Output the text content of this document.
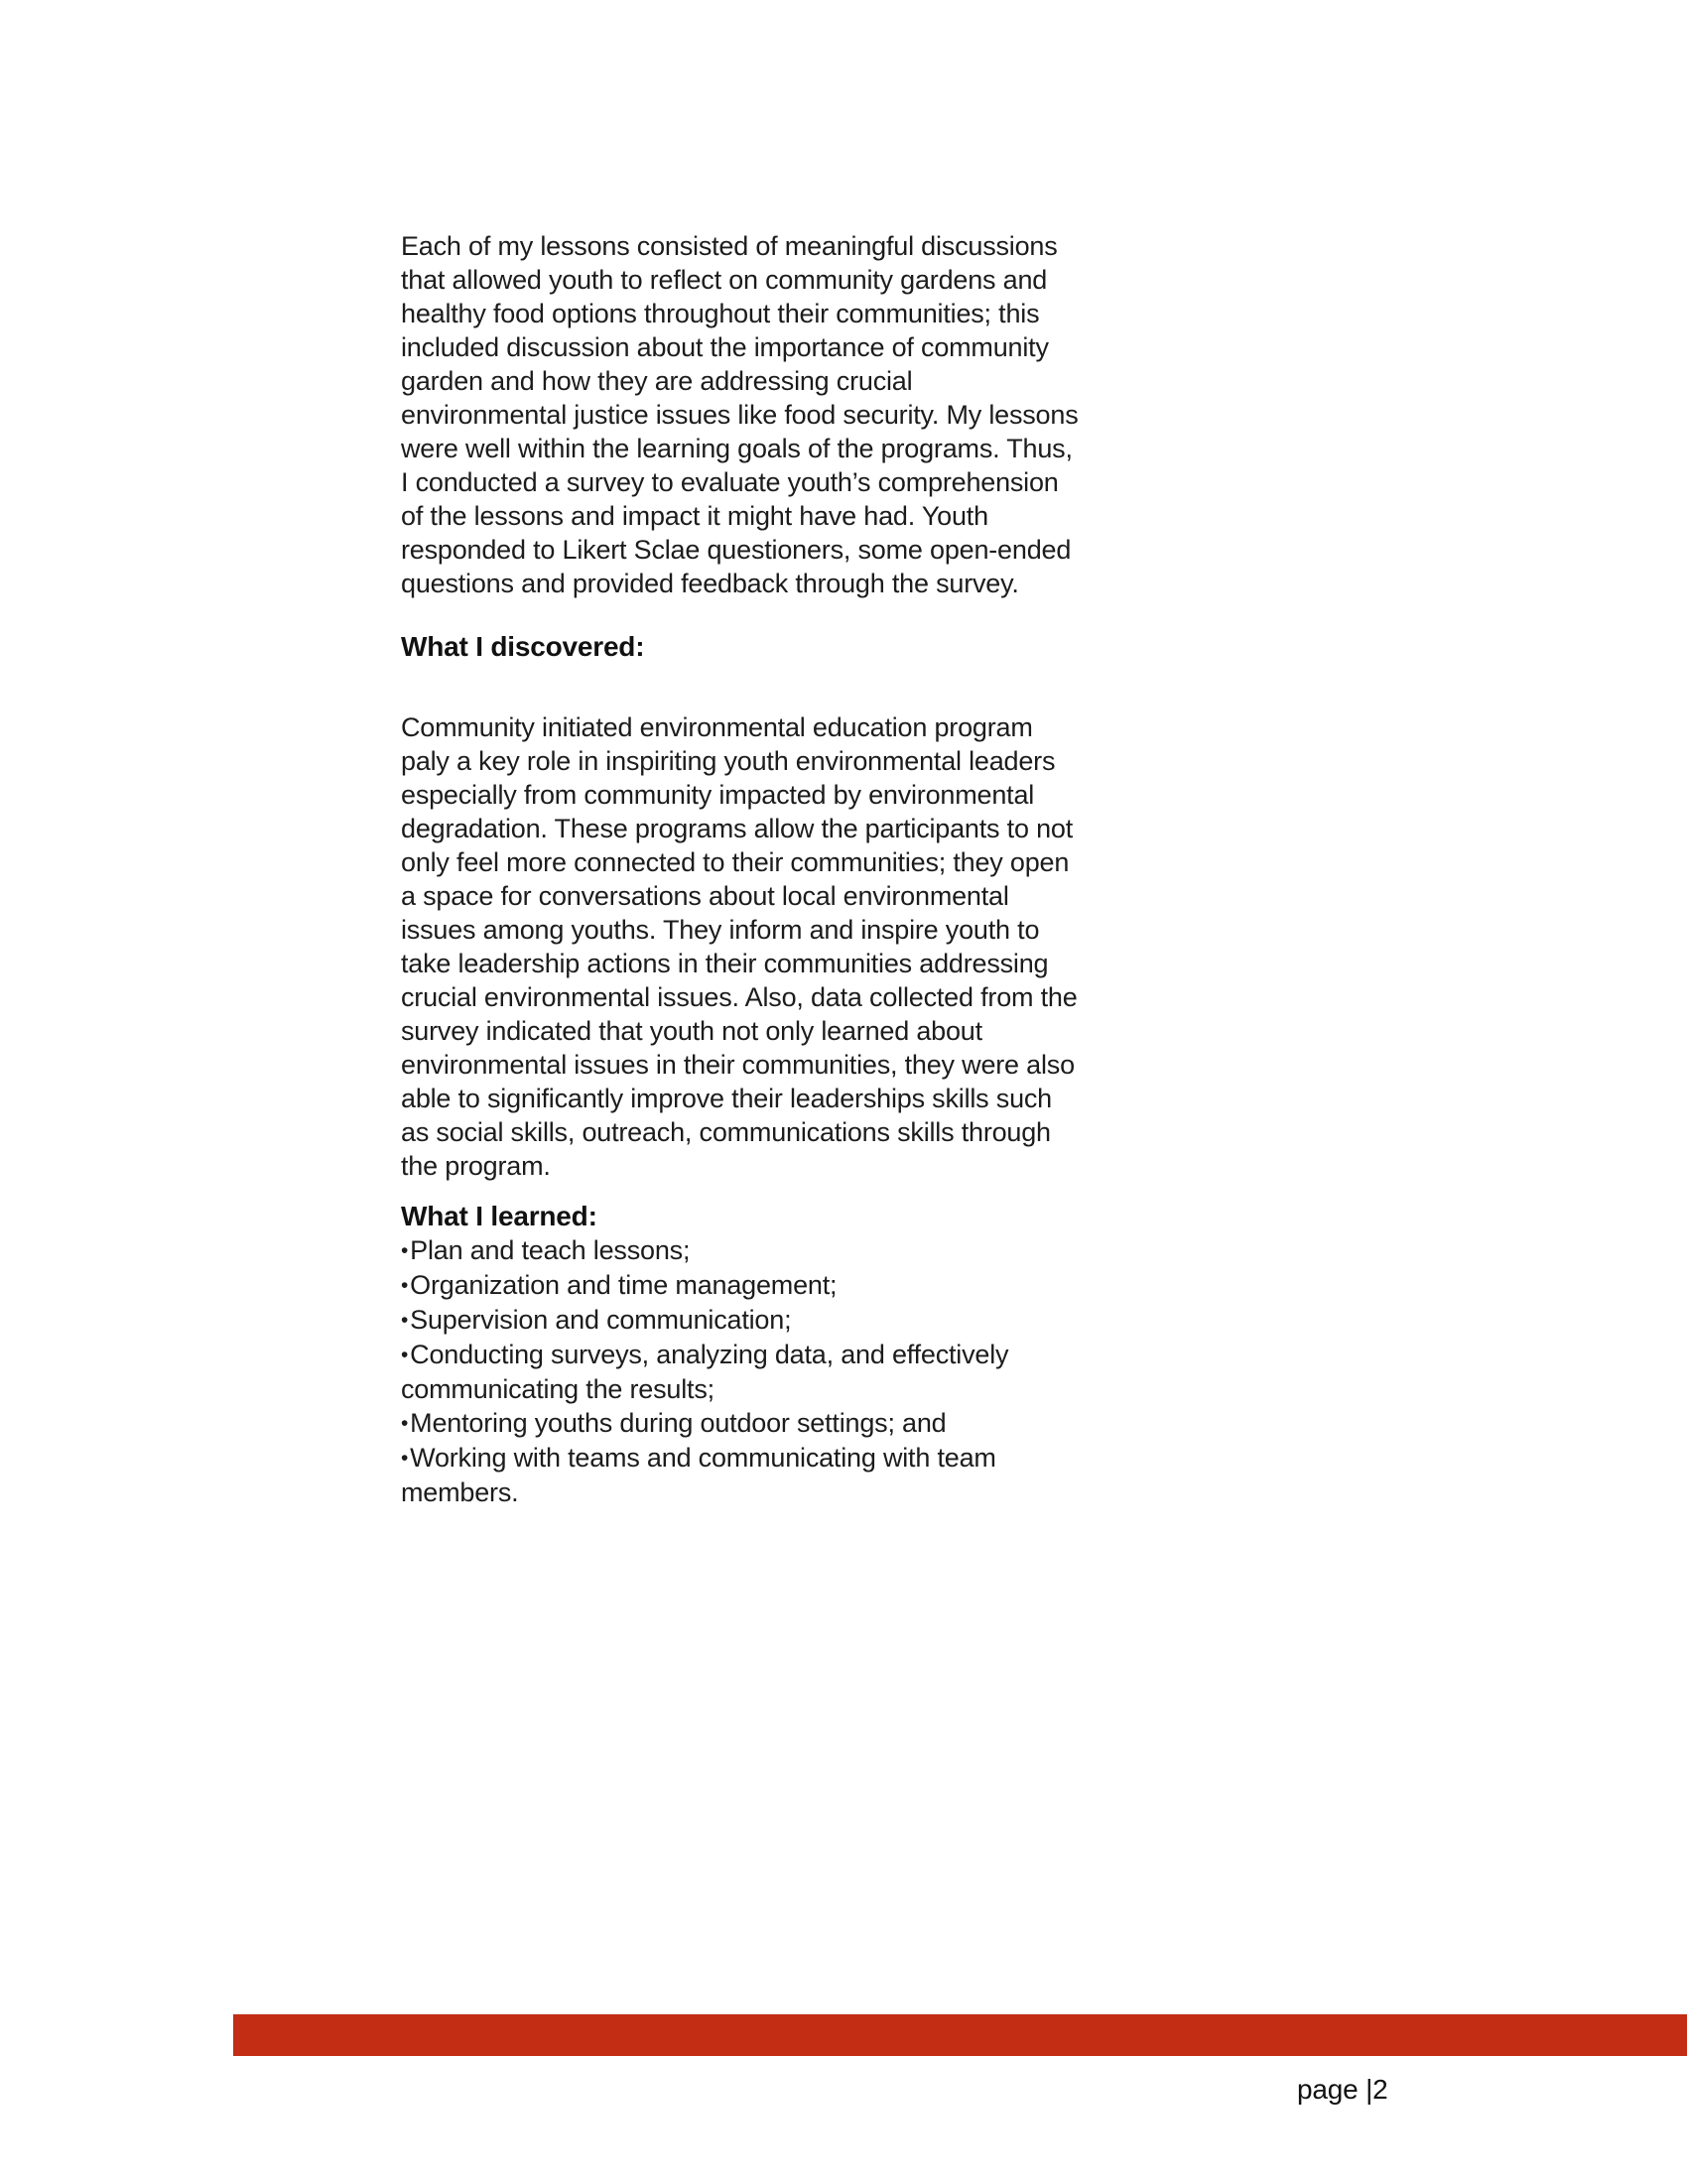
Each of my lessons consisted of meaningful discussions that allowed youth to reflect on community gardens and healthy food options throughout their communities; this included discussion about the importance of community garden and how they are addressing crucial environmental justice issues like food security. My lessons were well within the learning goals of the programs. Thus, I conducted a survey to evaluate youth’s comprehension of the lessons and impact it might have had. Youth responded to Likert Sclae questioners, some open-ended questions and provided feedback through the survey.

What I discovered:

Community initiated environmental education program paly a key role in inspiriting youth environmental leaders especially from community impacted by environmental degradation. These programs allow the participants to not only feel more connected to their communities; they open a space for conversations about local environmental issues among youths. They inform and inspire youth to take leadership actions in their communities addressing crucial environmental issues. Also, data collected from the survey indicated that youth not only learned about environmental issues in their communities, they were also able to significantly improve their leaderships skills such as social skills, outreach, communications skills through the program.

What I learned:
•Plan and teach lessons;
•Organization and time management;
•Supervision and communication;
•Conducting surveys, analyzing data, and effectively communicating the results;
•Mentoring youths during outdoor settings; and
•Working with teams and communicating with team members.
page |2
